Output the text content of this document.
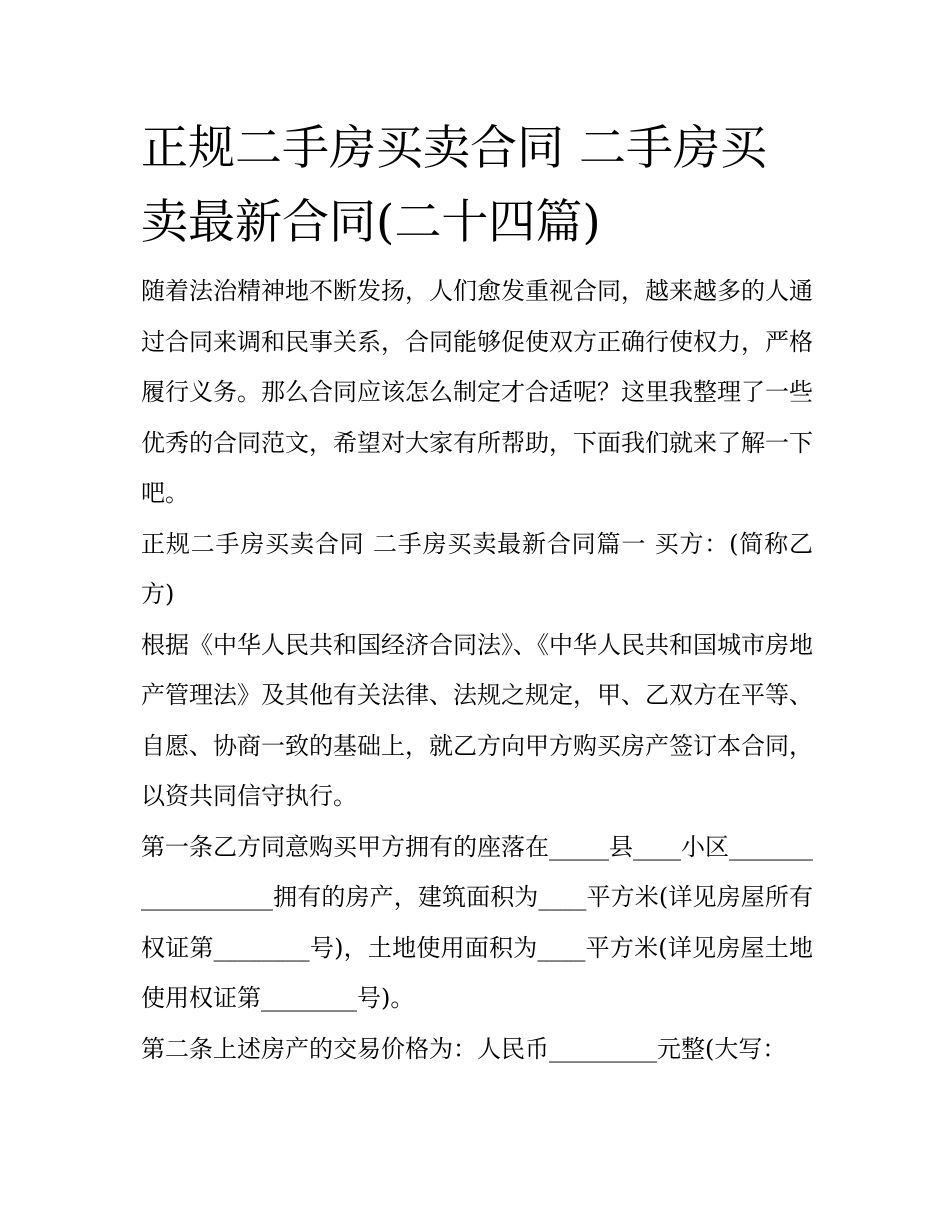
正规二手房买卖合同 二手房买卖最新合同(二十四篇)

随着法治精神地不断发扬，人们愈发重视合同，越来越多的人通过合同来调和民事关系，合同能够促使双方正确行使权力，严格履行义务。那么合同应该怎么制定才合适呢？这里我整理了一些优秀的合同范文，希望对大家有所帮助，下面我们就来了解一下吧。

正规二手房买卖合同 二手房买卖最新合同篇一 买方：(简称乙方)

根据《中华人民共和国经济合同法》、《中华人民共和国城市房地产管理法》及其他有关法律、法规之规定，甲、乙双方在平等、自愿、协商一致的基础上，就乙方向甲方购买房产签订本合同，以资共同信守执行。

第一条乙方同意购买甲方拥有的座落在_____县____小区__________________拥有的房产，建筑面积为____平方米(详见房屋所有权证第________号)，土地使用面积为____平方米(详见房屋土地使用权证第________号)。

第二条上述房产的交易价格为：人民币_________元整(大写：
